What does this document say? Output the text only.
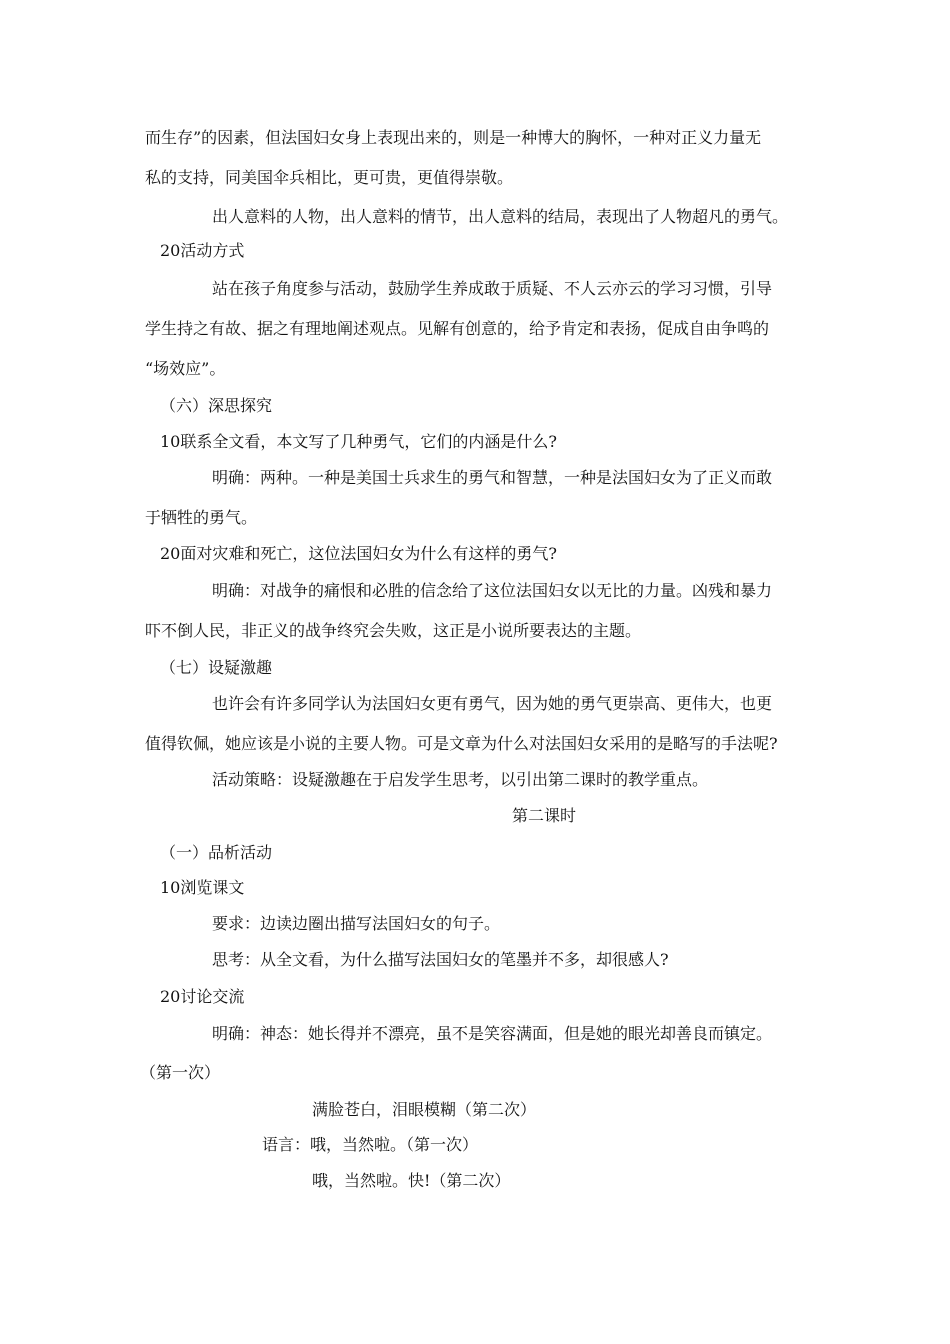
而生存”的因素，但法国妇女身上表现出来的，则是一种博大的胸怀，一种对正义力量无
私的支持，同美国伞兵相比，更可贵，更值得崇敬。
出人意料的人物，出人意料的情节，出人意料的结局，表现出了人物超凡的勇气。
20活动方式
站在孩子角度参与活动，鼓励学生养成敢于质疑、不人云亦云的学习习惯，引导
学生持之有故、据之有理地阐述观点。见解有创意的，给予肯定和表扬，促成自由争鸣的
“场效应”。
（六）深思探究
10联系全文看，本文写了几种勇气，它们的内涵是什么?
明确：两种。一种是美国士兵求生的勇气和智慧，一种是法国妇女为了正义而敢
于牺牲的勇气。
20面对灾难和死亡，这位法国妇女为什么有这样的勇气?
明确：对战争的痛恨和必胜的信念给了这位法国妇女以无比的力量。凶残和暴力
吓不倒人民，非正义的战争终究会失败，这正是小说所要表达的主题。
（七）设疑激趣
也许会有许多同学认为法国妇女更有勇气，因为她的勇气更崇高、更伟大，也更
值得钦佩，她应该是小说的主要人物。可是文章为什么对法国妇女采用的是略写的手法呢?
活动策略：设疑激趣在于启发学生思考，以引出第二课时的教学重点。
第二课时
（一）品析活动
10浏览课文
要求：边读边圈出描写法国妇女的句子。
思考：从全文看，为什么描写法国妇女的笔墨并不多，却很感人?
20讨论交流
明确：神态：她长得并不漂亮，虽不是笑容满面，但是她的眼光却善良而镇定。
（第一次）
满脸苍白，泪眼模糊（第二次）
语言：哦，当然啦。（第一次）
哦，当然啦。快!（第二次）
